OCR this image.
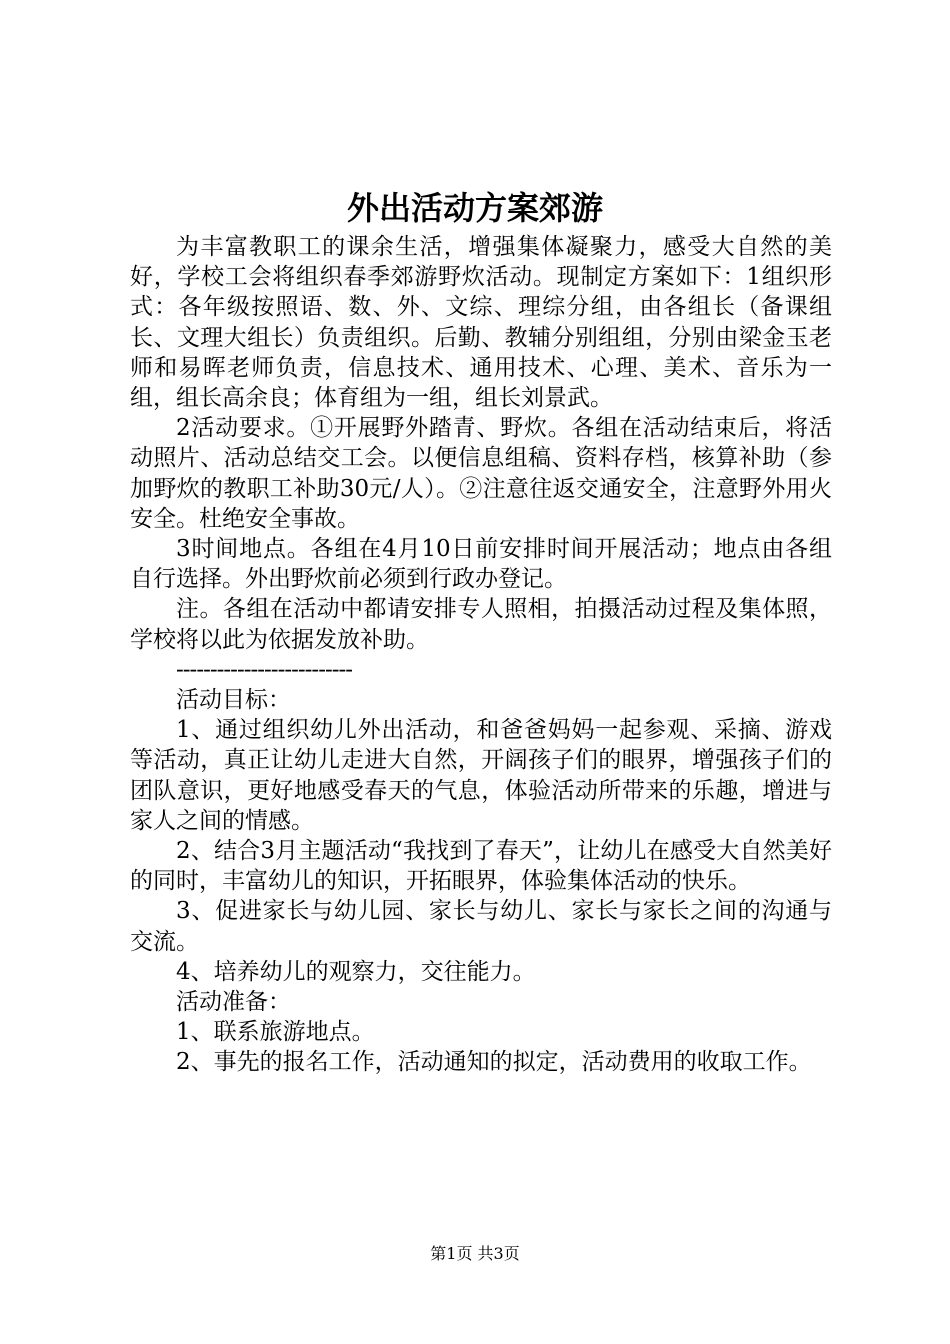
外出活动方案郊游

为丰富教职工的课余生活，增强集体凝聚力，感受大自然的美好，学校工会将组织春季郊游野炊活动。现制定方案如下：1组织形式：各年级按照语、数、外、文综、理综分组，由各组长（备课组长、文理大组长）负责组织。后勤、教辅分别组组，分别由梁金玉老师和易晖老师负责，信息技术、通用技术、心理、美术、音乐为一组，组长高余良；体育组为一组，组长刘景武。

2活动要求。①开展野外踏青、野炊。各组在活动结束后，将活动照片、活动总结交工会。以便信息组稿、资料存档，核算补助（参加野炊的教职工补助30元/人）。②注意往返交通安全，注意野外用火安全。杜绝安全事故。

3时间地点。各组在4月10日前安排时间开展活动；地点由各组自行选择。外出野炊前必须到行政办登记。

注。各组在活动中都请安排专人照相，拍摄活动过程及集体照，学校将以此为依据发放补助。

--------------------------

活动目标：

1、通过组织幼儿外出活动，和爸爸妈妈一起参观、采摘、游戏等活动，真正让幼儿走进大自然，开阔孩子们的眼界，增强孩子们的团队意识，更好地感受春天的气息，体验活动所带来的乐趣，增进与家人之间的情感。

2、结合3月主题活动“我找到了春天”，让幼儿在感受大自然美好的同时，丰富幼儿的知识，开拓眼界，体验集体活动的快乐。

3、促进家长与幼儿园、家长与幼儿、家长与家长之间的沟通与交流。

4、培养幼儿的观察力，交往能力。

活动准备：

1、联系旅游地点。

2、事先的报名工作，活动通知的拟定，活动费用的收取工作。

第1页 共3页
